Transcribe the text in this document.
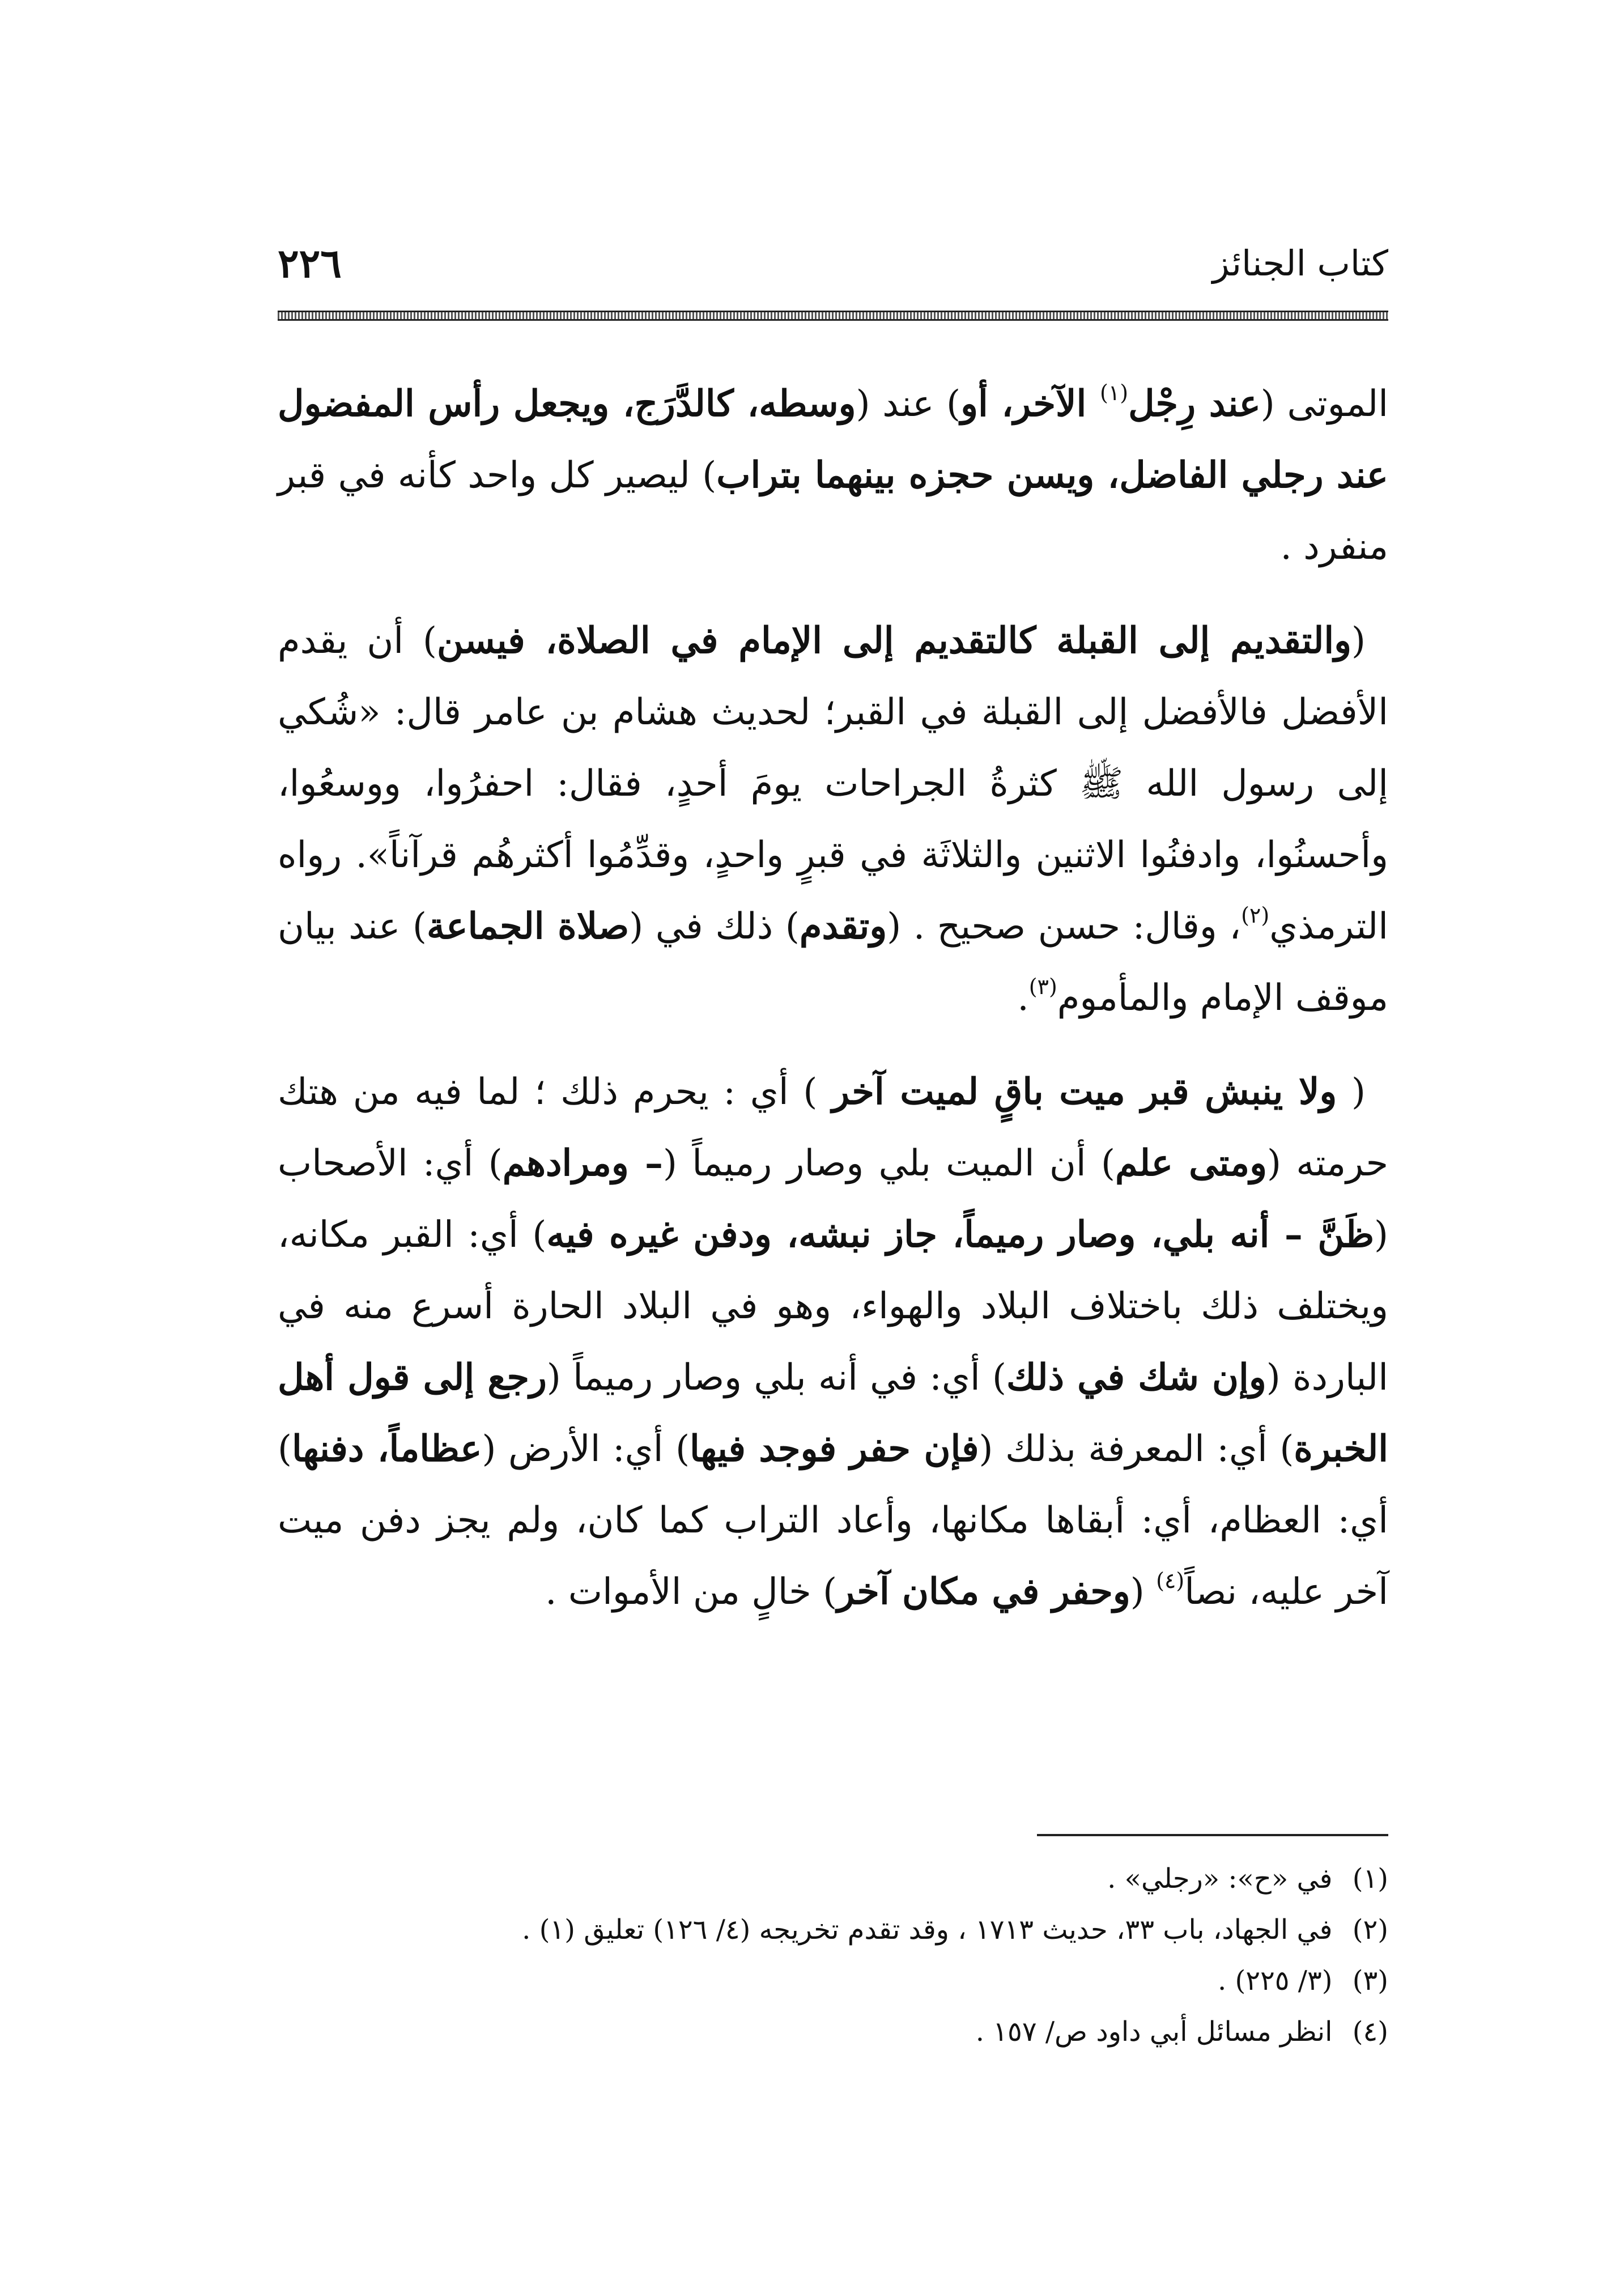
٢٢٦	كتاب الجنائز

الموتى (عند رِجْل$^{(١)}$ الآخر، أو) عند (وسطه، كالدَّرَج، ويجعل رأس المفضول عند رجلي الفاضل، ويسن حجزه بينهما بتراب) ليصير كل واحد كأنه في قبر منفرد .

(والتقديم إلى القبلة كالتقديم إلى الإمام في الصلاة، فيسن) أن يقدم الأفضل فالأفضل إلى القبلة في القبر؛ لحديث هشام بن عامر قال: «شُكي إلى رسول الله ﷺ كثرةُ الجراحات يومَ أحدٍ، فقال: احفرُوا، ووسعُوا، وأحسنُوا، وادفنُوا الاثنين والثلاثَة في قبرٍ واحدٍ، وقدِّمُوا أكثرهُم قرآناً». رواه الترمذي$^{(٢)}$، وقال: حسن صحيح . (وتقدم) ذلك في (صلاة الجماعة) عند بيان موقف الإمام والمأموم$^{(٣)}$.

( ولا ينبش قبر ميت باقٍ لميت آخر ) أي : يحرم ذلك ؛ لما فيه من هتك حرمته (ومتى علم) أن الميت بلي وصار رميماً (– ومرادهم) أي: الأصحاب (ظَنَّ – أنه بلي، وصار رميماً، جاز نبشه، ودفن غيره فيه) أي: القبر مكانه، ويختلف ذلك باختلاف البلاد والهواء، وهو في البلاد الحارة أسرع منه في الباردة (وإن شك في ذلك) أي: في أنه بلي وصار رميماً (رجع إلى قول أهل الخبرة) أي: المعرفة بذلك (فإن حفر فوجد فيها) أي: الأرض (عظاماً، دفنها) أي: العظام، أي: أبقاها مكانها، وأعاد التراب كما كان، ولم يجز دفن ميت آخر عليه، نصاً$^{(٤)}$ (وحفر في مكان آخر) خالٍ من الأموات .

(١) في «ح»: «رجلي» .
(٢) في الجهاد، باب ٣٣، حديث ١٧١٣ ، وقد تقدم تخريجه (٤/ ١٢٦) تعليق (١) .
(٣) (٣/ ٢٢٥) .
(٤) انظر مسائل أبي داود ص/ ١٥٧ .
